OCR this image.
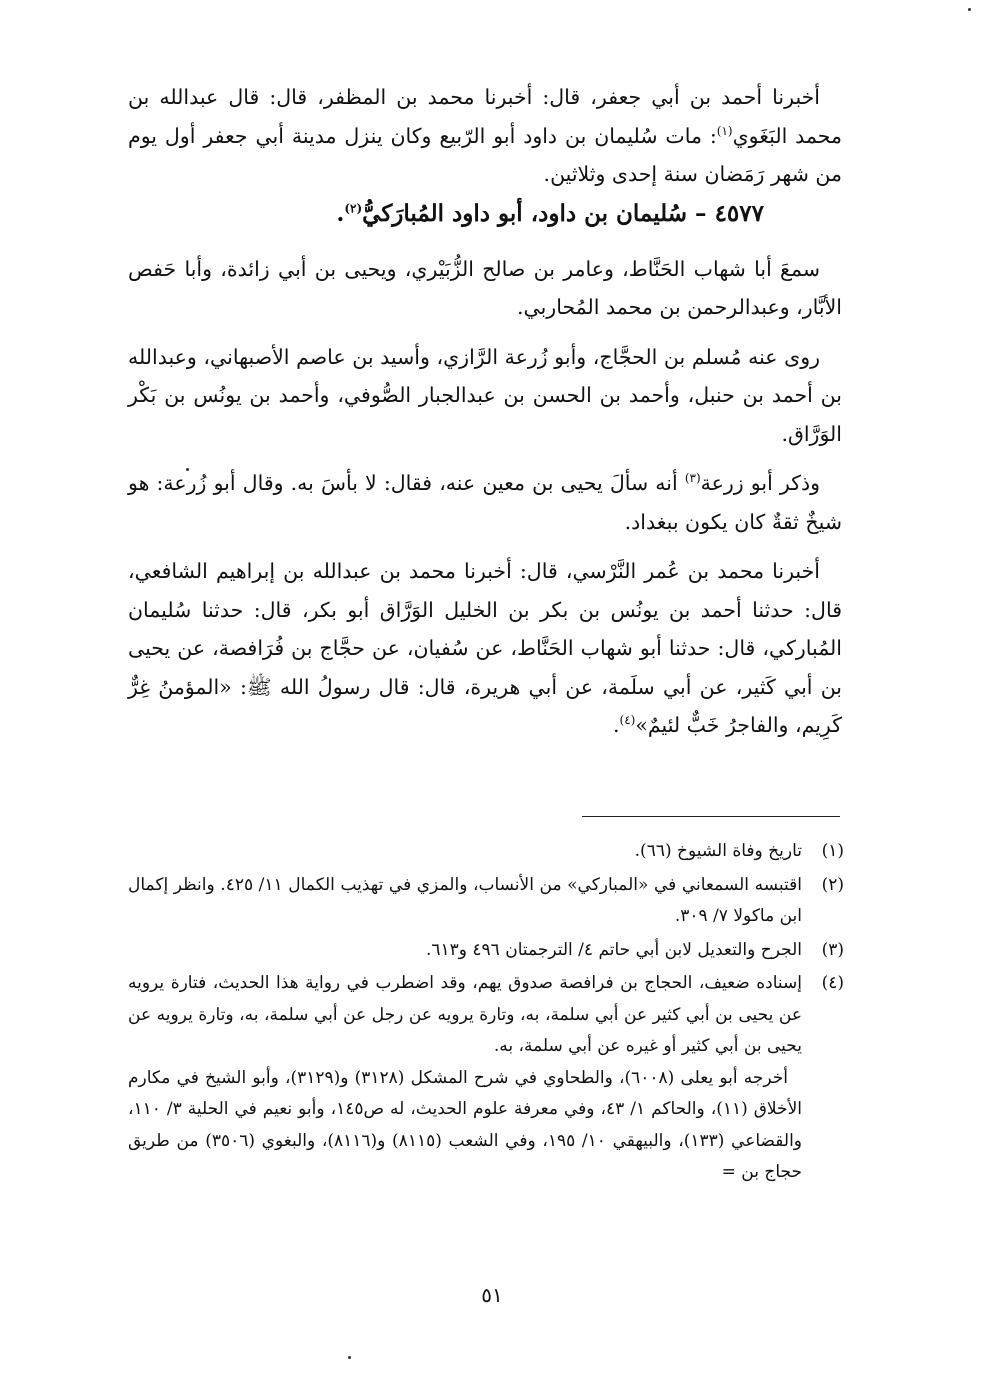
أخبرنا أحمد بن أبي جعفر، قال: أخبرنا محمد بن المظفر، قال: قال عبدالله بن محمد البَغَوي$^{(١)}$: مات سُليمان بن داود أبو الرّبيع وكان ينزل مدينة أبي جعفر أول يوم من شهر رَمَضان سنة إحدى وثلاثين.

٤٥٧٧ – سُليمان بن داود، أبو داود المُبارَكيُّ$^{(٢)}$.

سمعَ أبا شهاب الحَنَّاط، وعامر بن صالح الزُّبَيْري، ويحيى بن أبي زائدة، وأبا حَفص الأبَّار، وعبدالرحمن بن محمد المُحاربي.

روى عنه مُسلم بن الحجَّاج، وأبو زُرعة الرَّازي، وأسيد بن عاصم الأصبهاني، وعبدالله بن أحمد بن حنبل، وأحمد بن الحسن بن عبدالجبار الصُّوفي، وأحمد بن يونُس بن بَكْر الوَرَّاق.

وذكر أبو زرعة$^{(٣)}$ أنه سألَ يحيى بن معين عنه، فقال: لا بأسَ به. وقال أبو زُرعة: هو شيخٌ ثقةٌ كان يكون ببغداد.

أخبرنا محمد بن عُمر النَّرْسي، قال: أخبرنا محمد بن عبدالله بن إبراهيم الشافعي، قال: حدثنا أحمد بن يونُس بن بكر بن الخليل الوَرَّاق أبو بكر، قال: حدثنا سُليمان المُباركي، قال: حدثنا أبو شهاب الحَنَّاط، عن سُفيان، عن حجَّاج بن فُرَافصة، عن يحيى بن أبي كَثير، عن أبي سلَمة، عن أبي هريرة، قال: قال رسولُ الله ﷺ: «المؤمنُ غِرٌّ كَرِيم، والفاجرُ خَبٌّ لئيمٌ»$^{(٤)}$.

(١)

تاريخ وفاة الشيوخ (٦٦).

(٢)

اقتبسه السمعاني في «المباركي» من الأنساب، والمزي في تهذيب الكمال ١١/ ٤٢٥. وانظر إكمال ابن ماكولا ٧/ ٣٠٩.

(٣)

الجرح والتعديل لابن أبي حاتم ٤/ الترجمتان ٤٩٦ و٦١٣.

(٤)

إسناده ضعيف، الحجاج بن فرافصة صدوق يهم، وقد اضطرب في رواية هذا الحديث، فتارة يرويه عن يحيى بن أبي كثير عن أبي سلمة، به، وتارة يرويه عن رجل عن أبي سلمة، به، وتارة يرويه عن يحيى بن أبي كثير أو غيره عن أبي سلمة، به.

أخرجه أبو يعلى (٦٠٠٨)، والطحاوي في شرح المشكل (٣١٢٨) و(٣١٢٩)، وأبو الشيخ في مكارم الأخلاق (١١)، والحاكم ١/ ٤٣، وفي معرفة علوم الحديث، له ص١٤٥، وأبو نعيم في الحلية ٣/ ١١٠، والقضاعي (١٣٣)، والبيهقي ١٠/ ١٩٥، وفي الشعب (٨١١٥) و(٨١١٦)، والبغوي (٣٥٠٦) من طريق حجاج بن =

٥١
